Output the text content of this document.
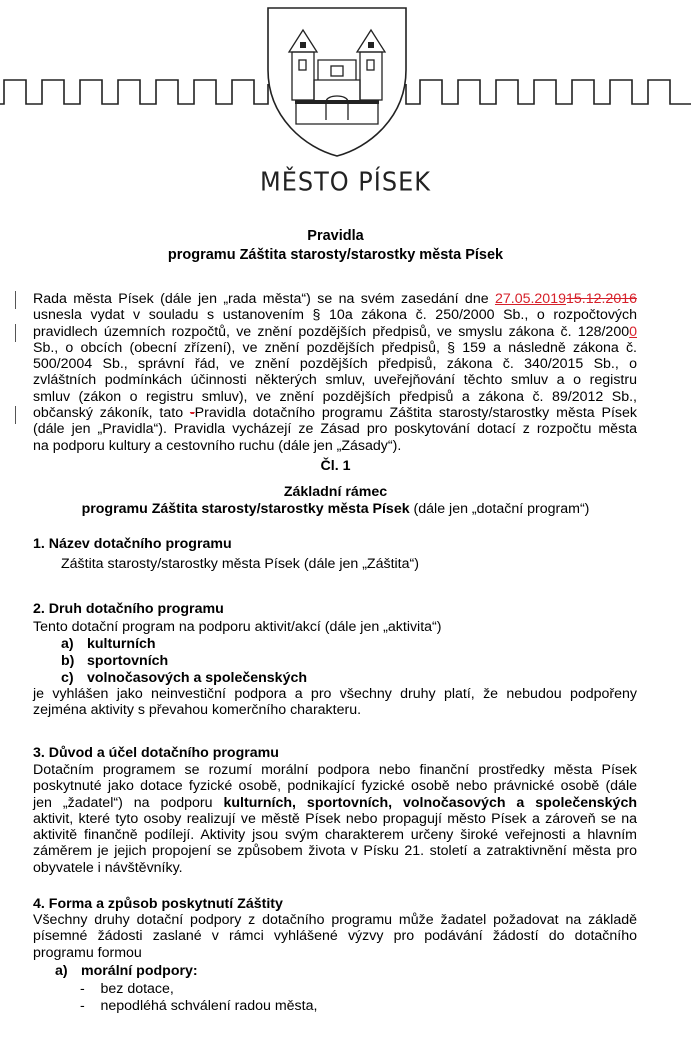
MĚSTO PÍSEK
Pravidla
programu Záštita starosty/starostky města Písek
Rada města Písek (dále jen „rada města“) se na svém zasedání dne 27.05.201915.12.2016
usnesla vydat v souladu s ustanovením § 10a zákona č. 250/2000 Sb., o rozpočtových
pravidlech územních rozpočtů, ve znění pozdějších předpisů, ve smyslu zákona č. 128/2000
Sb., o obcích (obecní zřízení), ve znění pozdějších předpisů, § 159 a následně zákona č.
500/2004 Sb., správní řád, ve znění pozdějších předpisů, zákona č. 340/2015 Sb., o
zvláštních podmínkách účinnosti některých smluv, uveřejňování těchto smluv a o registru
smluv (zákon o registru smluv), ve znění pozdějších předpisů a zákona č. 89/2012 Sb.,
občanský zákoník, tato -Pravidla dotačního programu Záštita starosty/starostky města Písek
(dále jen „Pravidla“). Pravidla vycházejí ze Zásad pro poskytování dotací z rozpočtu města
na podporu kultury a cestovního ruchu (dále jen „Zásady“).
Čl. 1
Základní rámec
programu Záštita starosty/starostky města Písek (dále jen „dotační program“)
1. Název dotačního programu
Záštita starosty/starostky města Písek (dále jen „Záštita“)
2. Druh dotačního programu
Tento dotační program na podporu aktivit/akcí (dále jen „aktivita“)
a) kulturních
b) sportovních
c) volnočasových a společenských
je vyhlášen jako neinvestiční podpora a pro všechny druhy platí, že nebudou podpořeny
zejména aktivity s převahou komerčního charakteru.
3. Důvod a účel dotačního programu
Dotačním programem se rozumí morální podpora nebo finanční prostředky města Písek
poskytnuté jako dotace fyzické osobě, podnikající fyzické osobě nebo právnické osobě (dále
jen „žadatel“) na podporu kulturních, sportovních, volnočasových a společenských
aktivit, které tyto osoby realizují ve městě Písek nebo propagují město Písek a zároveň se na
aktivitě finančně podílejí. Aktivity jsou svým charakterem určeny široké veřejnosti a hlavním
záměrem je jejich propojení se způsobem života v Písku 21. století a zatraktivnění města pro
obyvatele i návštěvníky.
4. Forma a způsob poskytnutí Záštity
Všechny druhy dotační podpory z dotačního programu může žadatel požadovat na základě
písemné žádosti zaslané v rámci vyhlášené výzvy pro podávání žádostí do dotačního
programu formou
a) morální podpory:
-    bez dotace,
-    nepodléhá schválení radou města,
